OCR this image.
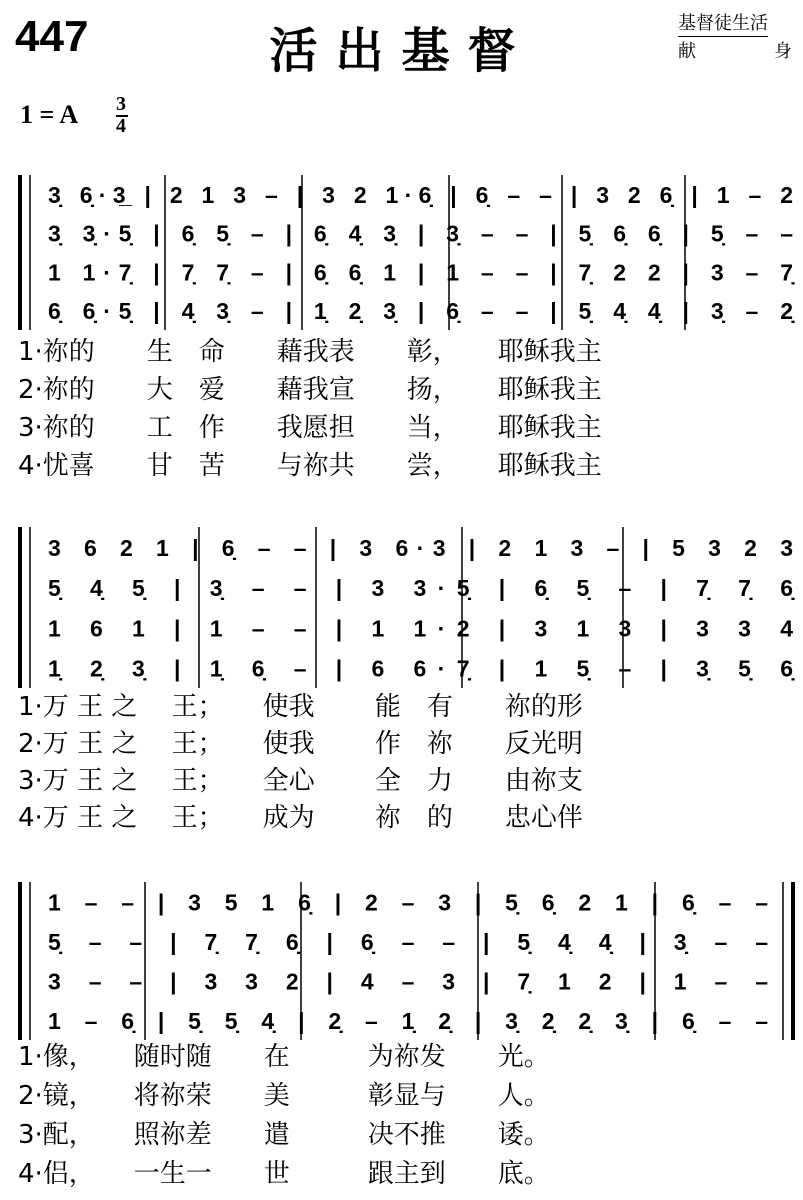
447	活出基督	基督徒生活
献身
1 = A 3
4
3̣ 6̣·3̲ | 2 1 3 – | 3 2 1·6̣ | 6̣ – – | 3 2 6̣ | 1 – 2
3̣ 3̣·5̣ | 6̣ 5̣ – | 6̣ 4̣ 3̣ | 3̣ – – | 5̣ 6̣ 6̣ | 5̣ – –
1 1·7̣ | 7̣ 7̣ – | 6̣ 6̣ 1 | 1 – – | 7̣ 2 2 | 3 – 7̣
6̣ 6̣·5̣ | 4̣ 3̣ – | 1̣ 2̣ 3̣ | 6̣ – – | 5̣ 4̣ 4̣ | 3̣ – 2̣
3 6 2 1 | 6̣ – – | 3 6·3 | 2 1 3 – | 5 3 2 3
5̣ 4̣ 5̣ | 3̣ – – | 3 3·5̣ | 6̣ 5̣ – | 7̣ 7̣ 6̣
1 6 1 | 1 – – | 1 1·2 | 3 1 3 | 3 3 4
1̣ 2̣ 3̣ | 1̣ 6̣ – | 6 6·7̣ | 1 5̣ – | 3̣ 5̣ 6̣
1 – – | 3 5 1 6̣ | 2 – 3 | 5̣ 6̣ 2 1 | 6̣ – –
5̣ – – | 7̣ 7̣ 6̣ | 6̣ – – | 5̣ 4̣ 4̣ | 3̣ – –
3 – – | 3 3 2 | 4 – 3 | 7̣ 1 2 | 1 – –
1 – 6̣ | 5̣ 5̣ 4̣ | 2̣ – 1̣ 2̣ | 3̣ 2̣ 2̣ 3̣ | 6̣ – –
1·祢的　　生　命　　藉我表　　彰，　　耶稣我主
2·祢的　　大　爱　　藉我宣　　扬，　　耶稣我主
3·祢的　　工　作　　我愿担　　当，　　耶稣我主
4·忧喜　　甘　苦　　与祢共　　尝，　　耶稣我主
1·万 王 之　 王；　　使我　　 能　有　　祢的形
2·万 王 之　 王；　　使我　　 作　祢　　反光明
3·万 王 之　 王；　　全心　　 全　力　　由祢支
4·万 王 之　 王；　　成为　　 祢　的　　忠心伴
1·像，　　随时随　　在　　　为祢发　　光。
2·镜，　　将祢荣　　美　　　彰显与　　人。
3·配，　　照祢差　　遣　　　决不推　　诿。
4·侣，　　一生一　　世　　　跟主到　　底。
